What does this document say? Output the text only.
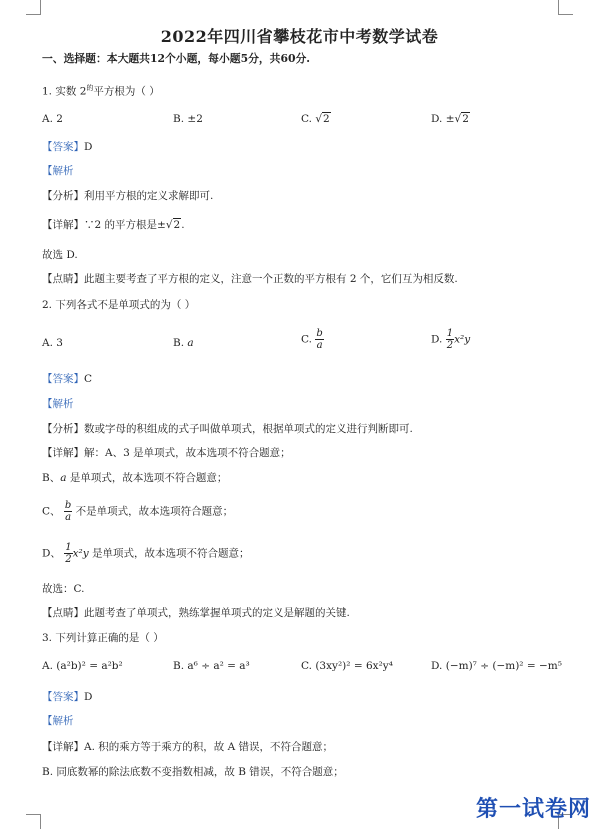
2022年四川省攀枝花市中考数学试卷
一、选择题：本大题共12个小题，每小题5分，共60分.
1. 实数 $2^的$平方根为（ ）
A. 2	B. ±2	C. √2	D. ±√2
【答案】D
【解析
【分析】利用平方根的定义求解即可.
【详解】∵2 的平方根是±√2.
故选 D.
【点睛】此题主要考查了平方根的定义，注意一个正数的平方根有 2 个，它们互为相反数.
2. 下列各式不是单项式的为（ ）
A. 3	B. a	C. $\frac{b}{a}$	D. $\frac{1}{2} x^2y$
【答案】C
【解析
【分析】数或字母的积组成的式子叫做单项式，根据单项式的定义进行判断即可.
【详解】解：A、3 是单项式，故本选项不符合题意；
B、a 是单项式，故本选项不符合题意；
C、 $\frac{b}{a}$ 不是单项式，故本选项符合题意；
D、 $\frac{1}{2} x^2y$ 是单项式，故本选项不符合题意；
故选：C.
【点睛】此题考查了单项式，熟练掌握单项式的定义是解题的关键.
3. 下列计算正确的是（ ）
A. (a²b)² = a²b²	B. a⁶ ÷ a² = a³	C. (3xy²)² = 6x²y⁴	D. (−m)⁷ ÷ (−m)² = −m⁵
【答案】D
【解析
【详解】A. 积的乘方等于乘方的积，故 A 错误，不符合题意；
B. 同底数幂的除法底数不变指数相减，故 B 错误，不符合题意；
第一试卷网
